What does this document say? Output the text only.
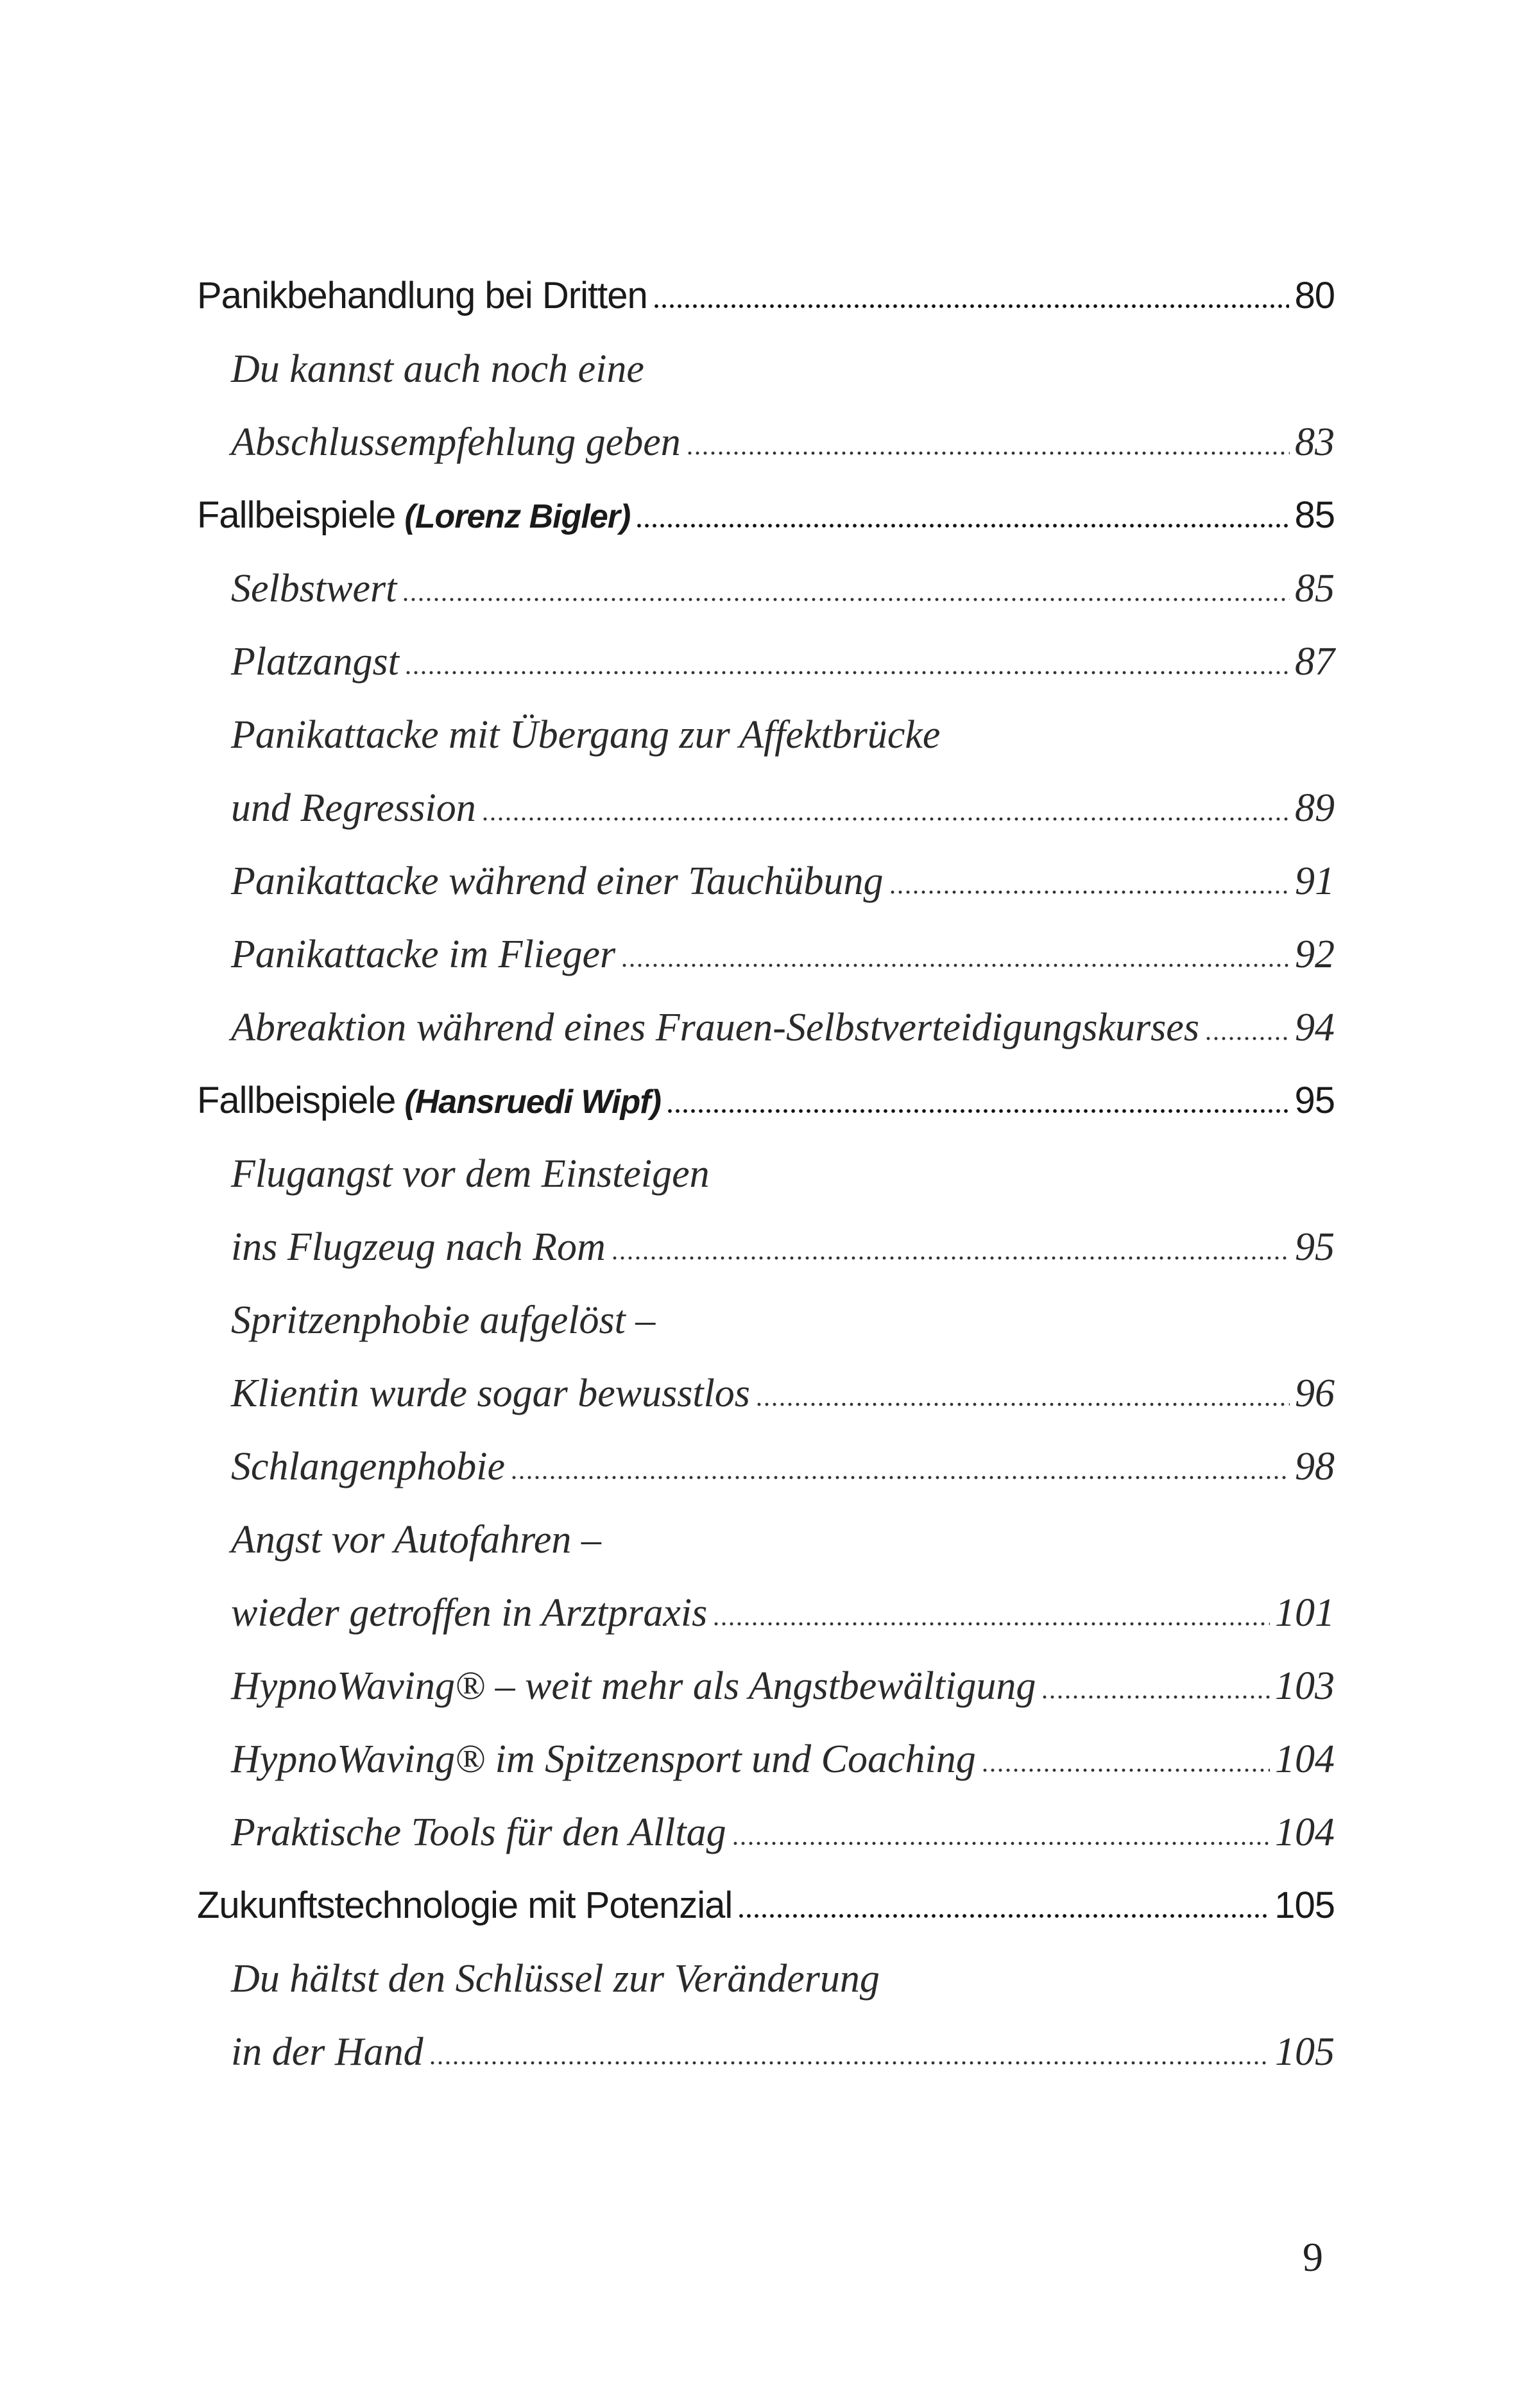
Panikbehandlung bei Dritten	80
Du kannst auch noch eine
Abschlussempfehlung geben	83
Fallbeispiele (Lorenz Bigler)	85
Selbstwert	85
Platzangst	87
Panikattacke mit Übergang zur Affektbrücke
und Regression	89
Panikattacke während einer Tauchübung	91
Panikattacke im Flieger	92
Abreaktion während eines Frauen-Selbstverteidigungskurses 94
Fallbeispiele (Hansruedi Wipf)	95
Flugangst vor dem Einsteigen
ins Flugzeug nach Rom	95
Spritzenphobie aufgelöst –
Klientin wurde sogar bewusstlos	96
Schlangenphobie	98
Angst vor Autofahren –
wieder getroffen in Arztpraxis	101
HypnoWaving® – weit mehr als Angstbewältigung	103
HypnoWaving® im Spitzensport und Coaching	104
Praktische Tools für den Alltag	104
Zukunftstechnologie mit Potenzial	105
Du hältst den Schlüssel zur Veränderung
in der Hand	105
9
